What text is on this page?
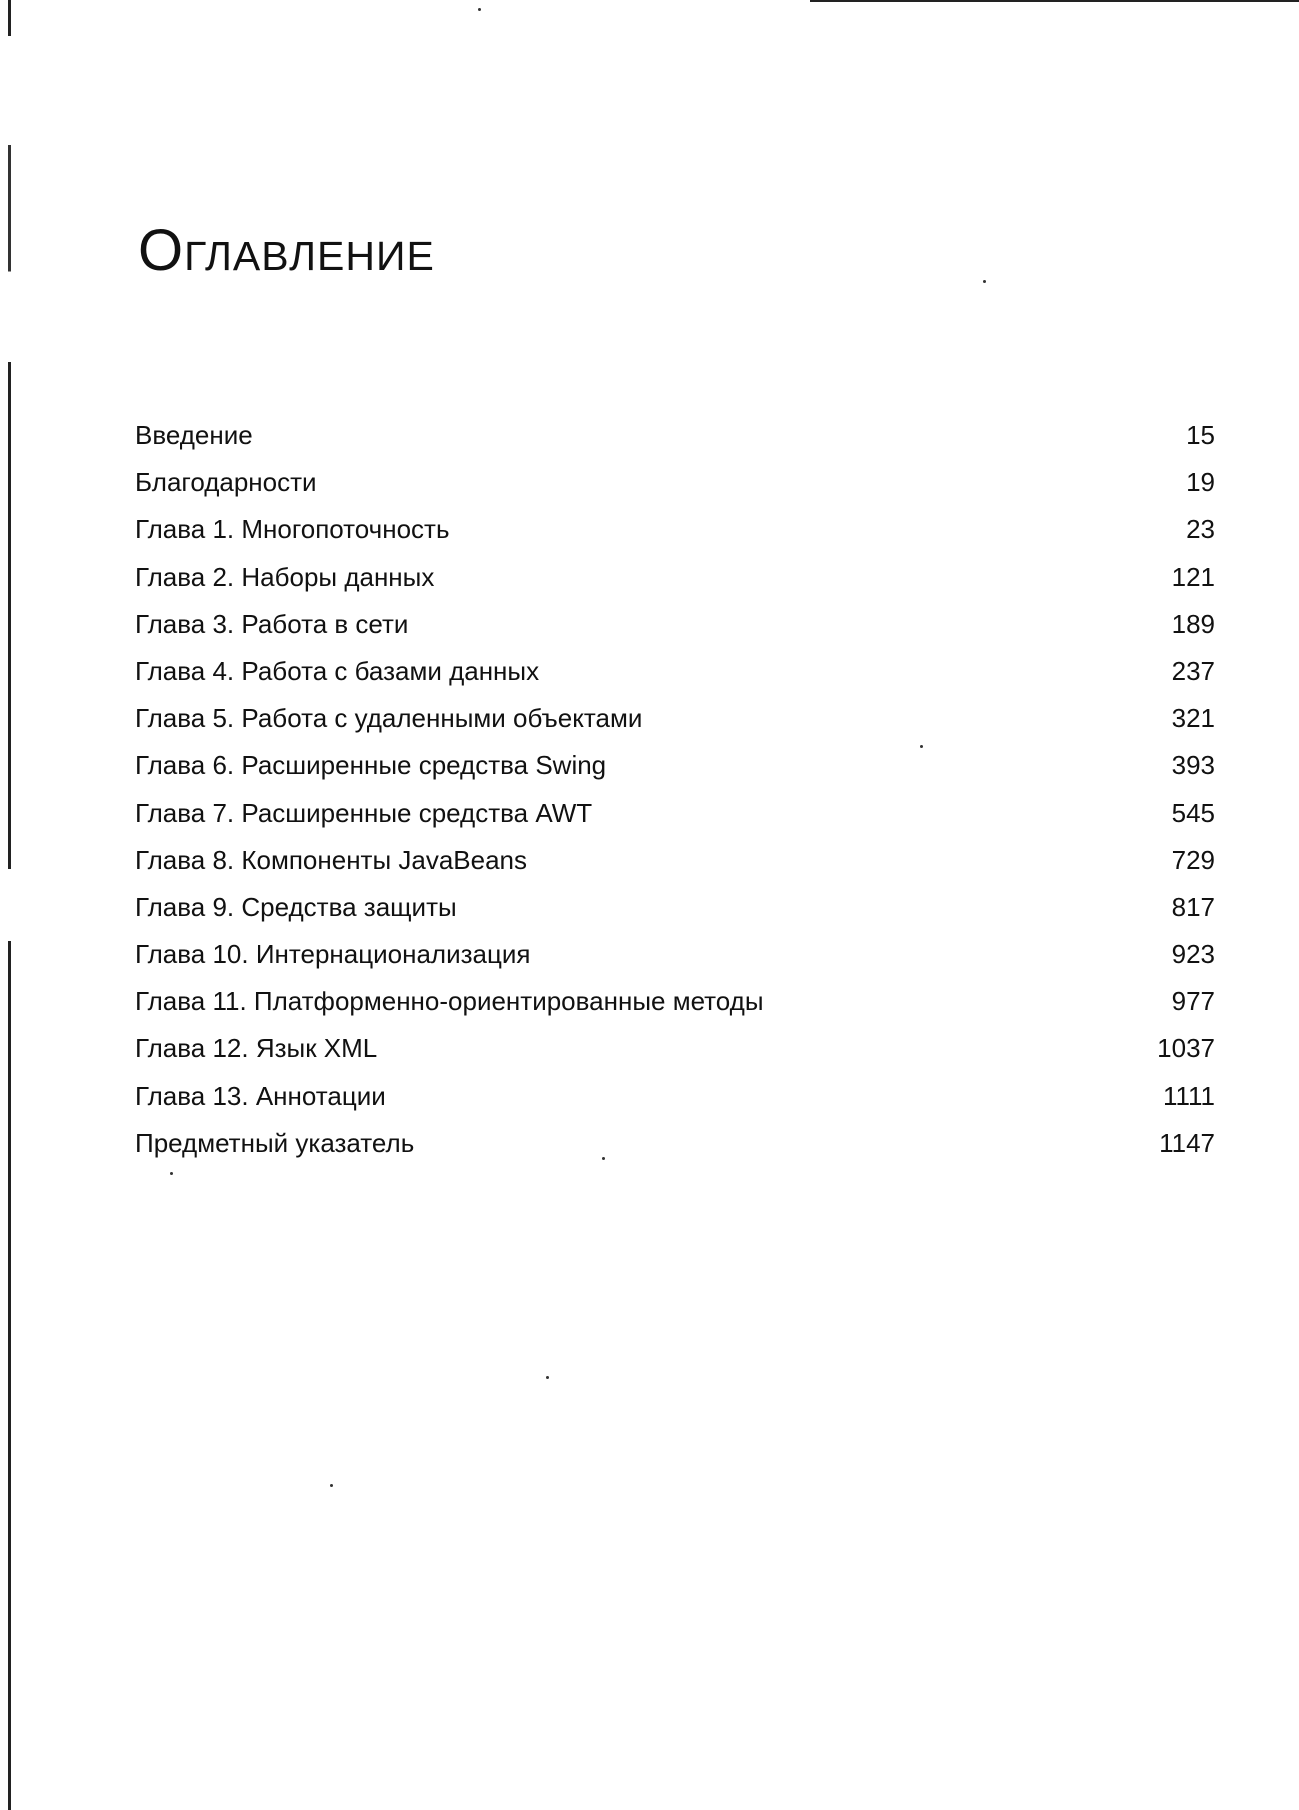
Оглавление
Введение	15
Благодарности	19
Глава 1. Многопоточность	23
Глава 2. Наборы данных	121
Глава 3. Работа в сети	189
Глава 4. Работа с базами данных	237
Глава 5. Работа с удаленными объектами	321
Глава 6. Расширенные средства Swing	393
Глава 7. Расширенные средства AWT	545
Глава 8. Компоненты JavaBeans	729
Глава 9. Средства защиты	817
Глава 10. Интернационализация	923
Глава 11. Платформенно-ориентированные методы	977
Глава 12. Язык XML	1037
Глава 13. Аннотации	1111
Предметный указатель	1147
